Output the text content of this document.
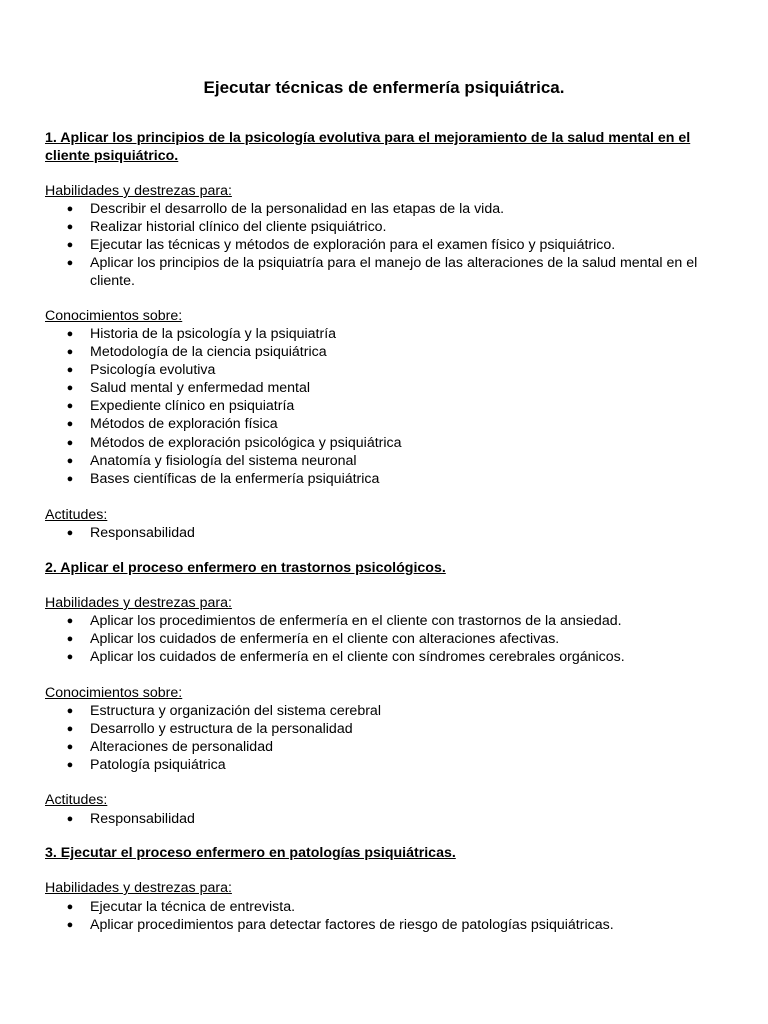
Ejecutar técnicas de enfermería psiquiátrica.
1. Aplicar los principios de la psicología evolutiva para el mejoramiento de la salud mental en el cliente psiquiátrico.
Habilidades y destrezas para:
● Describir el desarrollo de la personalidad en las etapas de la vida.
● Realizar historial clínico del cliente psiquiátrico.
● Ejecutar las técnicas y métodos de exploración para el examen físico y psiquiátrico.
● Aplicar los principios de la psiquiatría para el manejo de las alteraciones de la salud mental en el cliente.
Conocimientos sobre:
● Historia de la psicología y la psiquiatría
● Metodología de la ciencia psiquiátrica
● Psicología evolutiva
● Salud mental y enfermedad mental
● Expediente clínico en psiquiatría
● Métodos de exploración física
● Métodos de exploración psicológica y psiquiátrica
● Anatomía y fisiología del sistema neuronal
● Bases científicas de la enfermería psiquiátrica
Actitudes:
● Responsabilidad
2. Aplicar el proceso enfermero en trastornos psicológicos.
Habilidades y destrezas para:
● Aplicar los procedimientos de enfermería en el cliente con trastornos de la ansiedad.
● Aplicar los cuidados de enfermería en el cliente con alteraciones afectivas.
● Aplicar los cuidados de enfermería en el cliente con síndromes cerebrales orgánicos.
Conocimientos sobre:
● Estructura y organización del sistema cerebral
● Desarrollo y estructura de la personalidad
● Alteraciones de personalidad
● Patología psiquiátrica
Actitudes:
● Responsabilidad
3. Ejecutar el proceso enfermero en patologías psiquiátricas.
Habilidades y destrezas para:
● Ejecutar la técnica de entrevista.
● Aplicar procedimientos para detectar factores de riesgo de patologías psiquiátricas.
